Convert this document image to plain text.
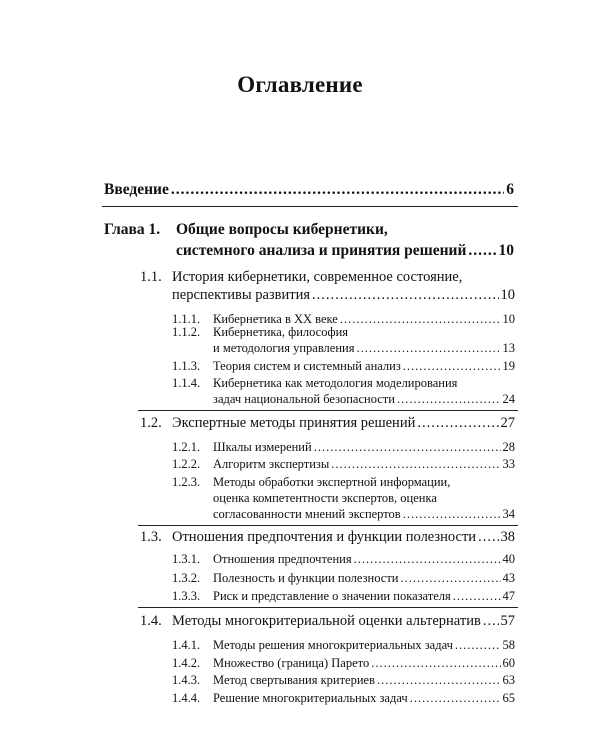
Оглавление
Введение .....	6
Глава 1.	Общие вопросы кибернетики,
системного анализа и принятия решений ..... 10
1.1. История кибернетики, современное состояние,
перспективы развития .....	10
1.1.1.	Кибернетика в XX веке .....	10
1.1.2.	Кибернетика, философия
и методология управления .....	13
1.1.3.	Теория систем и системный анализ .....	19
1.1.4.	Кибернетика как методология моделирования
задач национальной безопасности .....	24
1.2. Экспертные методы принятия решений .....	27
1.2.1.	Шкалы измерений .....	28
1.2.2.	Алгоритм экспертизы .....	33
1.2.3.	Методы обработки экспертной информации,
оценка компетентности экспертов, оценка
согласованности мнений экспертов .....	34
1.3. Отношения предпочтения и функции полезности ..... 38
1.3.1.	Отношения предпочтения .....	40
1.3.2.	Полезность и функции полезности .....	43
1.3.3.	Риск и представление о значении показателя .....	47
1.4. Методы многокритериальной оценки альтернатив ..... 57
1.4.1.	Методы решения многокритериальных задач .....	58
1.4.2.	Множество (граница) Парето .....	60
1.4.3.	Метод свертывания критериев .....	63
1.4.4.	Решение многокритериальных задач .....	65
